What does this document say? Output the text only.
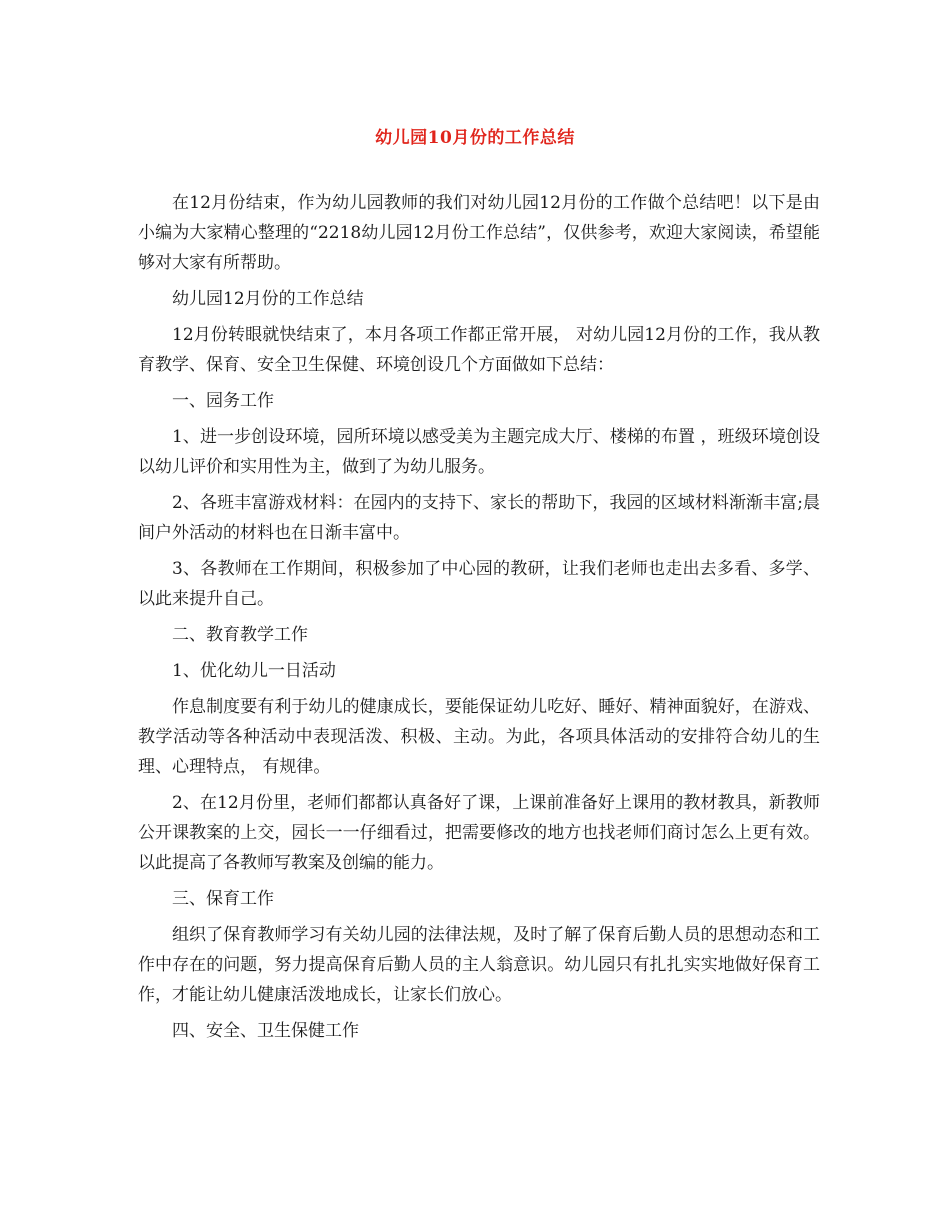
幼儿园10月份的工作总结

在12月份结束，作为幼儿园教师的我们对幼儿园12月份的工作做个总结吧！以下是由小编为大家精心整理的“2218幼儿园12月份工作总结”，仅供参考，欢迎大家阅读，希望能够对大家有所帮助。

幼儿园12月份的工作总结

12月份转眼就快结束了，本月各项工作都正常开展， 对幼儿园12月份的工作，我从教育教学、保育、安全卫生保健、环境创设几个方面做如下总结：

一、园务工作

1、进一步创设环境，园所环境以感受美为主题完成大厅、楼梯的布置 ，班级环境创设以幼儿评价和实用性为主，做到了为幼儿服务。

2、各班丰富游戏材料：在园内的支持下、家长的帮助下，我园的区域材料渐渐丰富;晨间户外活动的材料也在日渐丰富中。

3、各教师在工作期间，积极参加了中心园的教研，让我们老师也走出去多看、多学、以此来提升自己。

二、教育教学工作

1、优化幼儿一日活动

作息制度要有利于幼儿的健康成长，要能保证幼儿吃好、睡好、精神面貌好，在游戏、教学活动等各种活动中表现活泼、积极、主动。为此，各项具体活动的安排符合幼儿的生理、心理特点， 有规律。

2、在12月份里，老师们都都认真备好了课，上课前准备好上课用的教材教具，新教师公开课教案的上交，园长一一仔细看过，把需要修改的地方也找老师们商讨怎么上更有效。以此提高了各教师写教案及创编的能力。

三、保育工作

组织了保育教师学习有关幼儿园的法律法规，及时了解了保育后勤人员的思想动态和工作中存在的问题，努力提高保育后勤人员的主人翁意识。幼儿园只有扎扎实实地做好保育工作，才能让幼儿健康活泼地成长，让家长们放心。

四、安全、卫生保健工作
